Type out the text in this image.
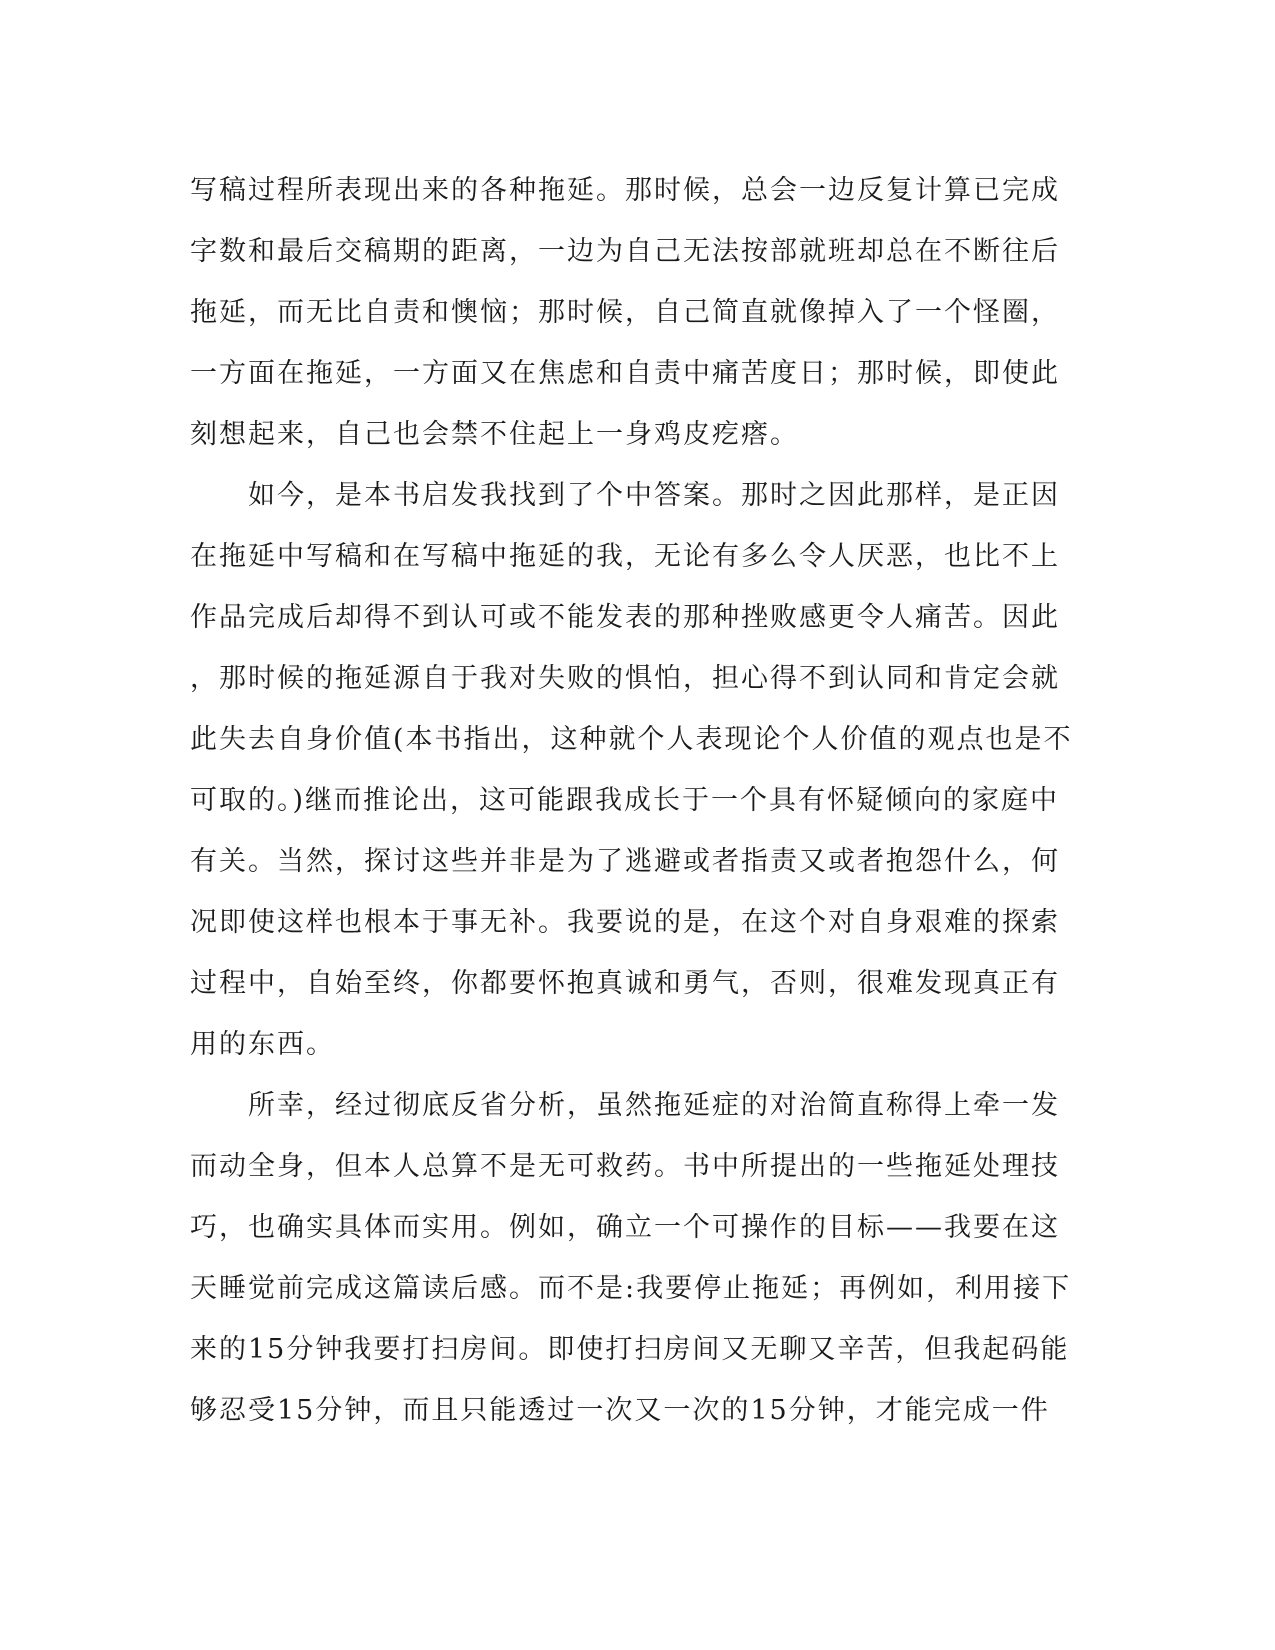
写稿过程所表现出来的各种拖延。那时候，总会一边反复计算已完成
字数和最后交稿期的距离，一边为自己无法按部就班却总在不断往后
拖延，而无比自责和懊恼；那时候，自己简直就像掉入了一个怪圈，
一方面在拖延，一方面又在焦虑和自责中痛苦度日；那时候，即使此
刻想起来，自己也会禁不住起上一身鸡皮疙瘩。
　　如今，是本书启发我找到了个中答案。那时之因此那样，是正因
在拖延中写稿和在写稿中拖延的我，无论有多么令人厌恶，也比不上
作品完成后却得不到认可或不能发表的那种挫败感更令人痛苦。因此
，那时候的拖延源自于我对失败的惧怕，担心得不到认同和肯定会就
此失去自身价值(本书指出，这种就个人表现论个人价值的观点也是不
可取的。)继而推论出，这可能跟我成长于一个具有怀疑倾向的家庭中
有关。当然，探讨这些并非是为了逃避或者指责又或者抱怨什么，何
况即使这样也根本于事无补。我要说的是，在这个对自身艰难的探索
过程中，自始至终，你都要怀抱真诚和勇气，否则，很难发现真正有
用的东西。
　　所幸，经过彻底反省分析，虽然拖延症的对治简直称得上牵一发
而动全身，但本人总算不是无可救药。书中所提出的一些拖延处理技
巧，也确实具体而实用。例如，确立一个可操作的目标——我要在这
天睡觉前完成这篇读后感。而不是:我要停止拖延；再例如，利用接下
来的15分钟我要打扫房间。即使打扫房间又无聊又辛苦，但我起码能
够忍受15分钟，而且只能透过一次又一次的15分钟，才能完成一件
